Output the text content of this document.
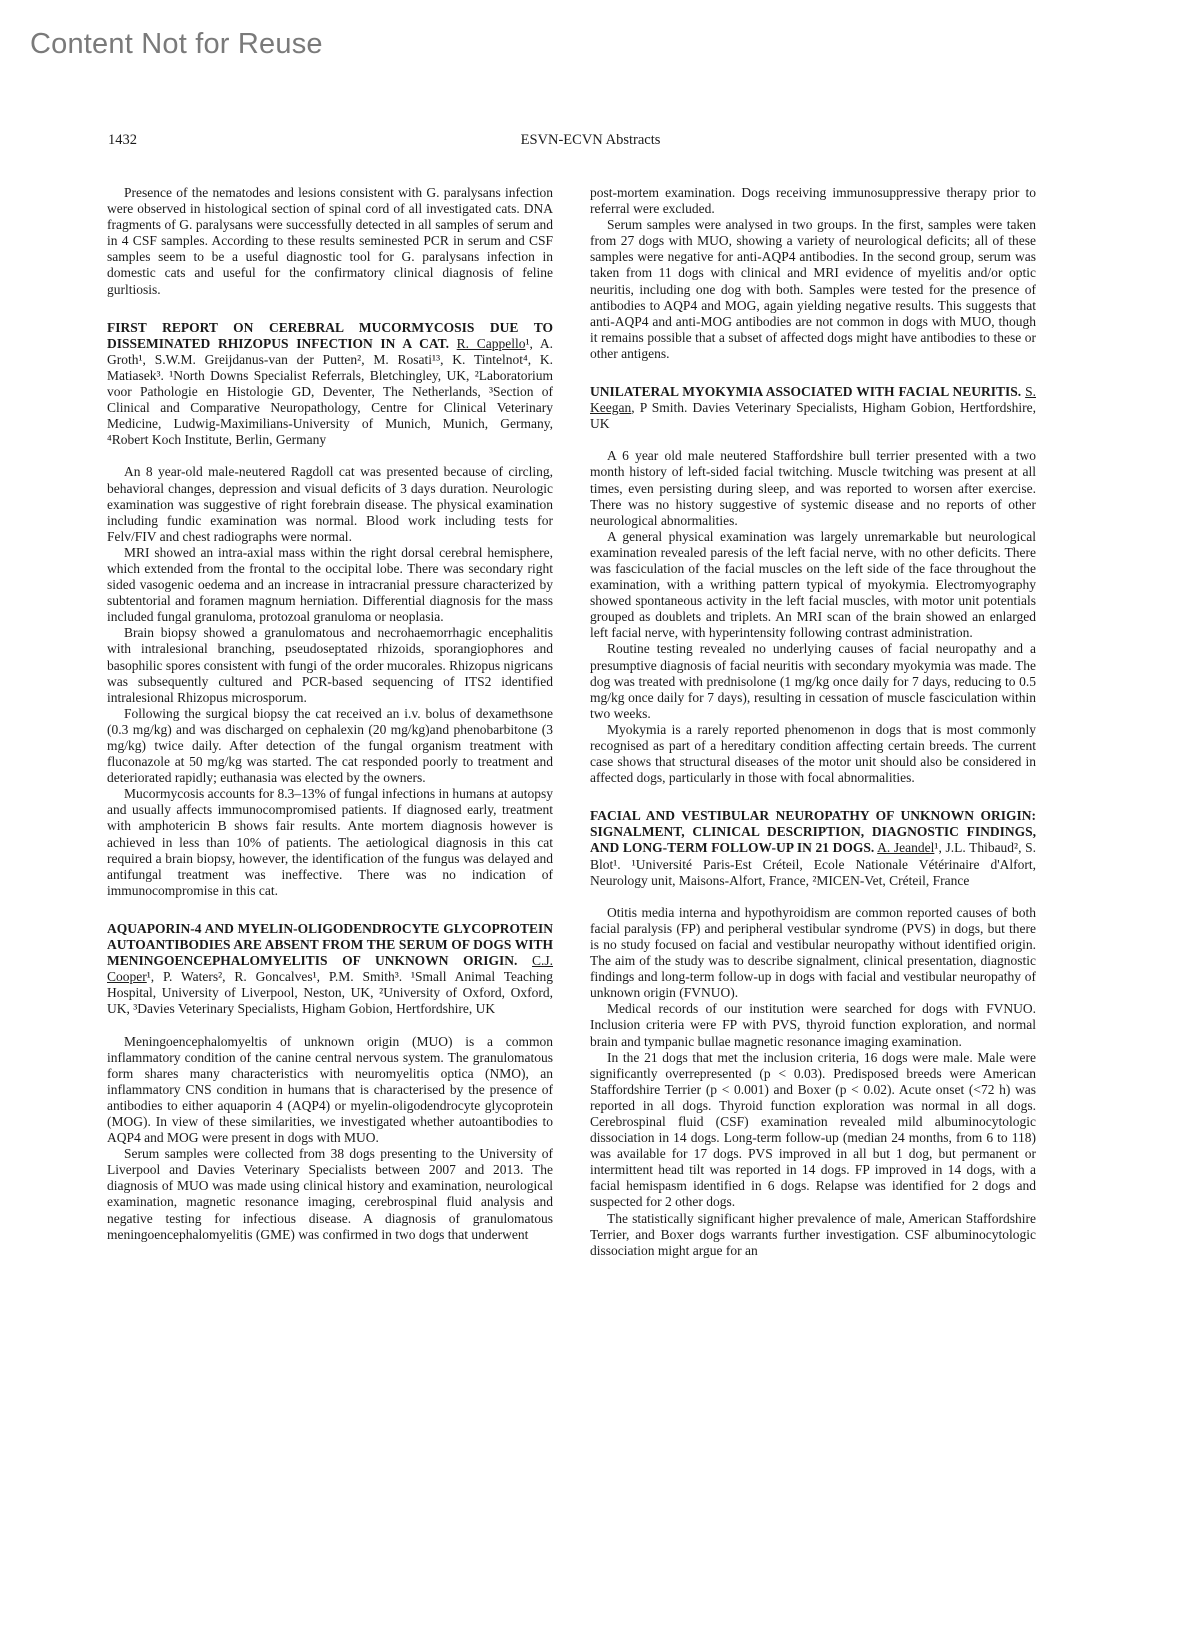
Content Not for Reuse
1432	ESVN-ECVN Abstracts

Presence of the nematodes and lesions consistent with G. paralysans infection were observed in histological section of spinal cord of all investigated cats. DNA fragments of G. paralysans were successfully detected in all samples of serum and in 4 CSF samples. According to these results seminested PCR in serum and CSF samples seem to be a useful diagnostic tool for G. paralysans infection in domestic cats and useful for the confirmatory clinical diagnosis of feline gurltiosis.

FIRST REPORT ON CEREBRAL MUCORMYCOSIS DUE TO DISSEMINATED RHIZOPUS INFECTION IN A CAT. R. Cappello¹, A. Groth¹, S.W.M. Greijdanus-van der Putten², M. Rosati¹³, K. Tintelnot⁴, K. Matiasek³. ¹North Downs Specialist Referrals, Bletchingley, UK, ²Laboratorium voor Pathologie en Histologie GD, Deventer, The Netherlands, ³Section of Clinical and Comparative Neuropathology, Centre for Clinical Veterinary Medicine, Ludwig-Maximilians-University of Munich, Munich, Germany, ⁴Robert Koch Institute, Berlin, Germany

An 8 year-old male-neutered Ragdoll cat was presented because of circling, behavioral changes, depression and visual deficits of 3 days duration. Neurologic examination was suggestive of right forebrain disease. The physical examination including fundic examination was normal. Blood work including tests for Felv/FIV and chest radiographs were normal.

MRI showed an intra-axial mass within the right dorsal cerebral hemisphere, which extended from the frontal to the occipital lobe. There was secondary right sided vasogenic oedema and an increase in intracranial pressure characterized by subtentorial and foramen magnum herniation. Differential diagnosis for the mass included fungal granuloma, protozoal granuloma or neoplasia.

Brain biopsy showed a granulomatous and necrohaemorrhagic encephalitis with intralesional branching, pseudoseptated rhizoids, sporangiophores and basophilic spores consistent with fungi of the order mucorales. Rhizopus nigricans was subsequently cultured and PCR-based sequencing of ITS2 identified intralesional Rhizopus microsporum.

Following the surgical biopsy the cat received an i.v. bolus of dexamethsone (0.3 mg/kg) and was discharged on cephalexin (20 mg/kg)and phenobarbitone (3 mg/kg) twice daily. After detection of the fungal organism treatment with fluconazole at 50 mg/kg was started. The cat responded poorly to treatment and deteriorated rapidly; euthanasia was elected by the owners.

Mucormycosis accounts for 8.3–13% of fungal infections in humans at autopsy and usually affects immunocompromised patients. If diagnosed early, treatment with amphotericin B shows fair results. Ante mortem diagnosis however is achieved in less than 10% of patients. The aetiological diagnosis in this cat required a brain biopsy, however, the identification of the fungus was delayed and antifungal treatment was ineffective. There was no indication of immunocompromise in this cat.

AQUAPORIN-4 AND MYELIN-OLIGODENDROCYTE GLYCOPROTEIN AUTOANTIBODIES ARE ABSENT FROM THE SERUM OF DOGS WITH MENINGOENCEPHALOMYELITIS OF UNKNOWN ORIGIN. C.J. Cooper¹, P. Waters², R. Goncalves¹, P.M. Smith³. ¹Small Animal Teaching Hospital, University of Liverpool, Neston, UK, ²University of Oxford, Oxford, UK, ³Davies Veterinary Specialists, Higham Gobion, Hertfordshire, UK

Meningoencephalomyeltis of unknown origin (MUO) is a common inflammatory condition of the canine central nervous system. The granulomatous form shares many characteristics with neuromyelitis optica (NMO), an inflammatory CNS condition in humans that is characterised by the presence of antibodies to either aquaporin 4 (AQP4) or myelin-oligodendrocyte glycoprotein (MOG). In view of these similarities, we investigated whether autoantibodies to AQP4 and MOG were present in dogs with MUO.

Serum samples were collected from 38 dogs presenting to the University of Liverpool and Davies Veterinary Specialists between 2007 and 2013. The diagnosis of MUO was made using clinical history and examination, neurological examination, magnetic resonance imaging, cerebrospinal fluid analysis and negative testing for infectious disease. A diagnosis of granulomatous meningoencephalomyelitis (GME) was confirmed in two dogs that underwent

post-mortem examination. Dogs receiving immunosuppressive therapy prior to referral were excluded.

Serum samples were analysed in two groups. In the first, samples were taken from 27 dogs with MUO, showing a variety of neurological deficits; all of these samples were negative for anti-AQP4 antibodies. In the second group, serum was taken from 11 dogs with clinical and MRI evidence of myelitis and/or optic neuritis, including one dog with both. Samples were tested for the presence of antibodies to AQP4 and MOG, again yielding negative results. This suggests that anti-AQP4 and anti-MOG antibodies are not common in dogs with MUO, though it remains possible that a subset of affected dogs might have antibodies to these or other antigens.

UNILATERAL MYOKYMIA ASSOCIATED WITH FACIAL NEURITIS. S. Keegan, P Smith. Davies Veterinary Specialists, Higham Gobion, Hertfordshire, UK

A 6 year old male neutered Staffordshire bull terrier presented with a two month history of left-sided facial twitching. Muscle twitching was present at all times, even persisting during sleep, and was reported to worsen after exercise. There was no history suggestive of systemic disease and no reports of other neurological abnormalities.

A general physical examination was largely unremarkable but neurological examination revealed paresis of the left facial nerve, with no other deficits. There was fasciculation of the facial muscles on the left side of the face throughout the examination, with a writhing pattern typical of myokymia. Electromyography showed spontaneous activity in the left facial muscles, with motor unit potentials grouped as doublets and triplets. An MRI scan of the brain showed an enlarged left facial nerve, with hyperintensity following contrast administration.

Routine testing revealed no underlying causes of facial neuropathy and a presumptive diagnosis of facial neuritis with secondary myokymia was made. The dog was treated with prednisolone (1 mg/kg once daily for 7 days, reducing to 0.5 mg/kg once daily for 7 days), resulting in cessation of muscle fasciculation within two weeks.

Myokymia is a rarely reported phenomenon in dogs that is most commonly recognised as part of a hereditary condition affecting certain breeds. The current case shows that structural diseases of the motor unit should also be considered in affected dogs, particularly in those with focal abnormalities.

FACIAL AND VESTIBULAR NEUROPATHY OF UNKNOWN ORIGIN: SIGNALMENT, CLINICAL DESCRIPTION, DIAGNOSTIC FINDINGS, AND LONG-TERM FOLLOW-UP IN 21 DOGS. A. Jeandel¹, J.L. Thibaud², S. Blot¹. ¹Université Paris-Est Créteil, Ecole Nationale Vétérinaire d'Alfort, Neurology unit, Maisons-Alfort, France, ²MICEN-Vet, Créteil, France

Otitis media interna and hypothyroidism are common reported causes of both facial paralysis (FP) and peripheral vestibular syndrome (PVS) in dogs, but there is no study focused on facial and vestibular neuropathy without identified origin. The aim of the study was to describe signalment, clinical presentation, diagnostic findings and long-term follow-up in dogs with facial and vestibular neuropathy of unknown origin (FVNUO).

Medical records of our institution were searched for dogs with FVNUO. Inclusion criteria were FP with PVS, thyroid function exploration, and normal brain and tympanic bullae magnetic resonance imaging examination.

In the 21 dogs that met the inclusion criteria, 16 dogs were male. Male were significantly overrepresented (p < 0.03). Predisposed breeds were American Staffordshire Terrier (p < 0.001) and Boxer (p < 0.02). Acute onset (<72 h) was reported in all dogs. Thyroid function exploration was normal in all dogs. Cerebrospinal fluid (CSF) examination revealed mild albuminocytologic dissociation in 14 dogs. Long-term follow-up (median 24 months, from 6 to 118) was available for 17 dogs. PVS improved in all but 1 dog, but permanent or intermittent head tilt was reported in 14 dogs. FP improved in 14 dogs, with a facial hemispasm identified in 6 dogs. Relapse was identified for 2 dogs and suspected for 2 other dogs.

The statistically significant higher prevalence of male, American Staffordshire Terrier, and Boxer dogs warrants further investigation. CSF albuminocytologic dissociation might argue for an
